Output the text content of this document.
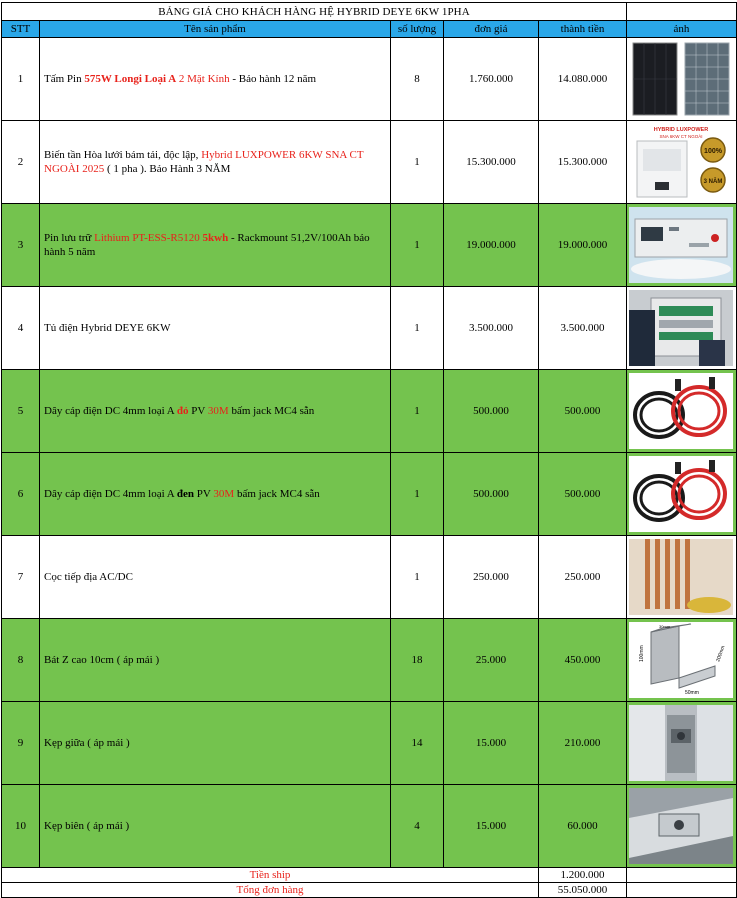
BẢNG GIÁ CHO KHÁCH HÀNG HỆ HYBRID DEYE 6KW 1PHA					
STT	Tên sản phẩm	số lượng	đơn giá	thành tiền	ảnh
1	Tấm Pin 575W Longi Loại A 2 Mặt Kính - Bảo hành 12 năm	8	1.760.000	14.080.000	

2	Biến tần Hòa lưới bám tải, độc lập, Hybrid LUXPOWER 6KW SNA CT NGOÀI 2025 ( 1 pha ). Bảo Hành 3 NĂM	1	15.300.000	15.300.000	HYBRID LUXPOWER
SNA 6KW CT NGOÀI
100%
3 NĂM

3	Pin lưu trữ Lithium PT-ESS-R5120 5kwh - Rackmount 51,2V/100Ah bảo hành 5 năm	1	19.000.000	19.000.000	

4	Tủ điện Hybrid DEYE 6KW	1	3.500.000	3.500.000	

5	Dây cáp điện DC 4mm loại A đỏ PV 30M bấm jack MC4 sẵn	1	500.000	500.000	

6	Dây cáp điện DC 4mm loại A đen PV 30M bấm jack MC4 sẵn	1	500.000	500.000	

7	Cọc tiếp địa AC/DC	1	250.000	250.000	

8	Bát Z cao 10cm ( áp mái )	18	25.000	450.000	100mm
50mm
200mm
30mm

9	Kẹp giữa ( áp mái )	14	15.000	210.000	

10	Kẹp biên ( áp mái )	4	15.000	60.000	

Tiền ship				1.200.000	
Tổng đơn hàng				55.050.000	
